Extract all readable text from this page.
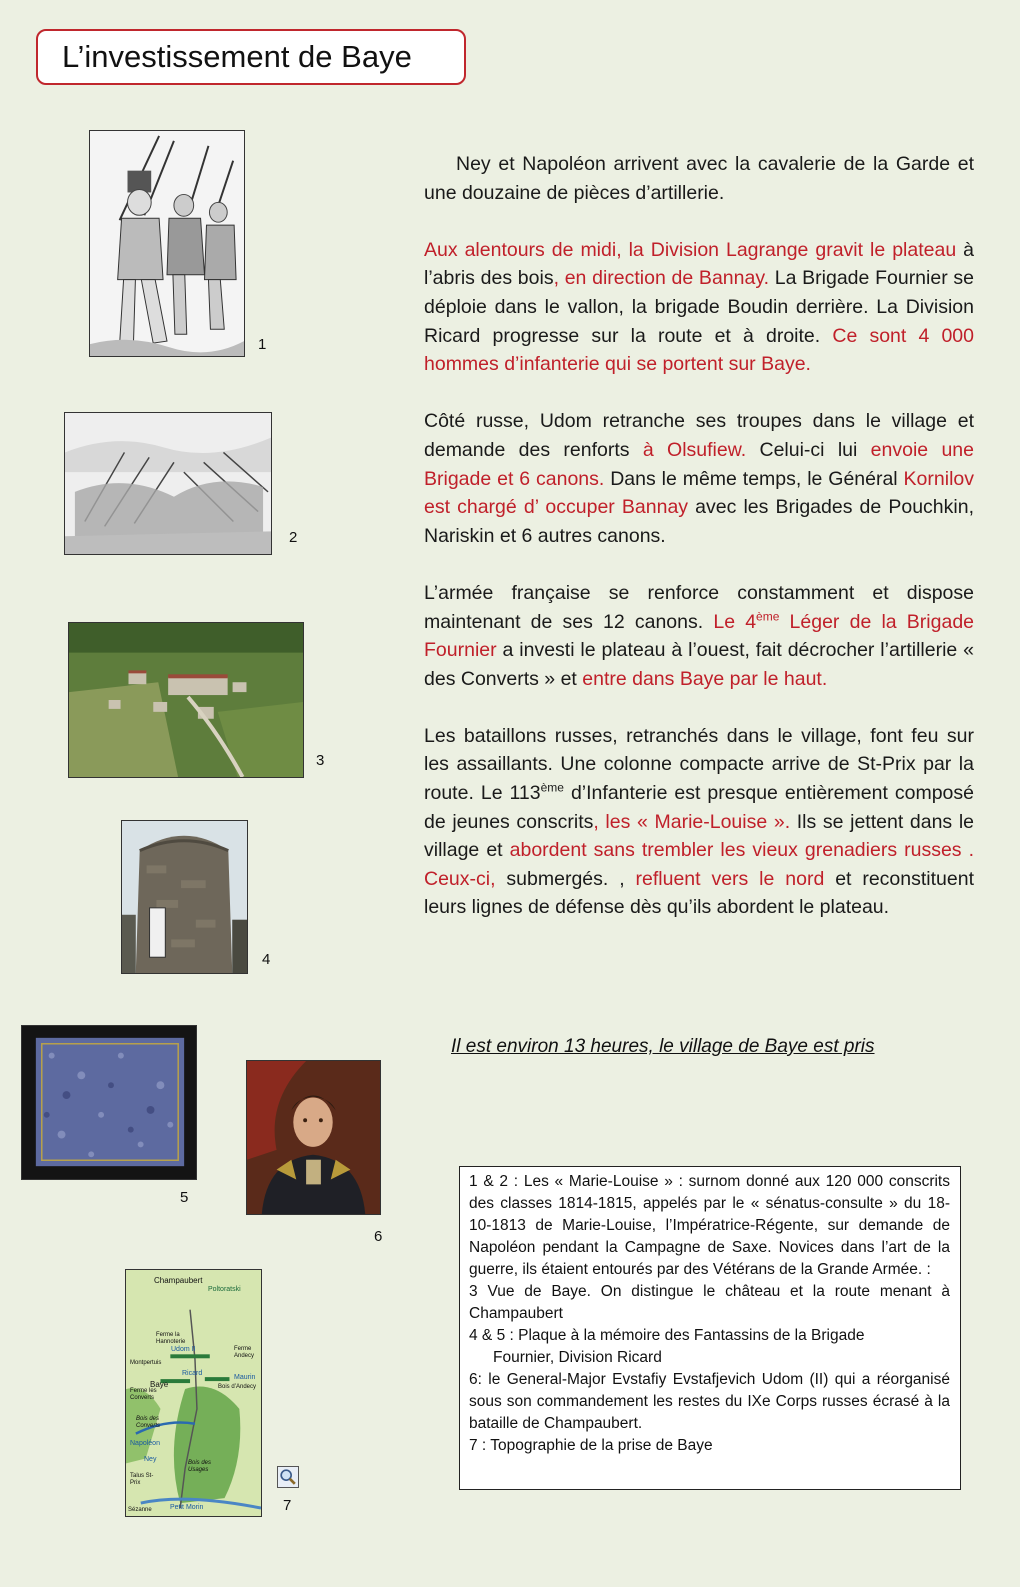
L’investissement de Baye
1
2
3
4
5
6
Champaubert
Poltoratski
Ferme la Hannoterie
Udom II	Ferme Andecy
Montpertuis
Baye
Ricard
Maurin
Bois d’Andecy
Ferme les Converts
Bois des Converts
Napoléon
Ney	Bois des Usages
Talus St-Prix
Petit Morin
Sézanne	7

Ney et Napoléon arrivent avec la cavalerie de la Garde et une douzaine de pièces d’artillerie.

Aux alentours de midi, la Division Lagrange gravit le plateau à l’abris des bois, en direction de Bannay. La Brigade Fournier se déploie dans le vallon, la brigade Boudin derrière. La Division Ricard progresse sur la route et à droite. Ce sont 4 000 hommes d’infanterie qui se portent sur Baye.

Côté russe, Udom retranche ses troupes dans le village et demande des renforts à Olsufiew. Celui-ci lui envoie une Brigade et 6 canons. Dans le même temps, le Général Kornilov est chargé d’ occuper Bannay avec les Brigades de Pouchkin, Nariskin et 6 autres canons.

L’armée française se renforce constamment et dispose maintenant de ses 12 canons. Le 4ème Léger de la Brigade Fournier a investi le plateau à l’ouest, fait décrocher l’artillerie « des Converts » et entre dans Baye par le haut.

Les bataillons russes, retranchés dans le village, font feu sur les assaillants. Une colonne compacte arrive de St-Prix par la route. Le 113ème d’Infanterie est presque entièrement composé de jeunes conscrits, les « Marie-Louise ». Ils se jettent dans le village et abordent sans trembler les vieux grenadiers russes . Ceux-ci, submergés. , refluent vers le nord et reconstituent leurs lignes de défense dès qu’ils abordent le plateau.

Il est environ 13 heures, le village de Baye est pris

1 & 2 : Les « Marie-Louise » : surnom donné aux 120 000 conscrits des classes 1814-1815, appelés par le « sénatus-consulte » du 18-10-1813 de Marie-Louise, l’Impératrice-Régente, sur demande de Napoléon pendant la Campagne de Saxe. Novices dans l’art de la guerre, ils étaient entourés par des Vétérans de la Grande Armée. :

3 Vue de Baye. On distingue le château et la route menant à Champaubert

4 & 5 : Plaque à la mémoire des Fantassins de la Brigade

Fournier, Division Ricard

6: le General-Major Evstafiy Evstafjevich Udom (II) qui a réorganisé sous son commandement les restes du IXe Corps russes écrasé à la bataille de Champaubert.

7 : Topographie de la prise de Baye
